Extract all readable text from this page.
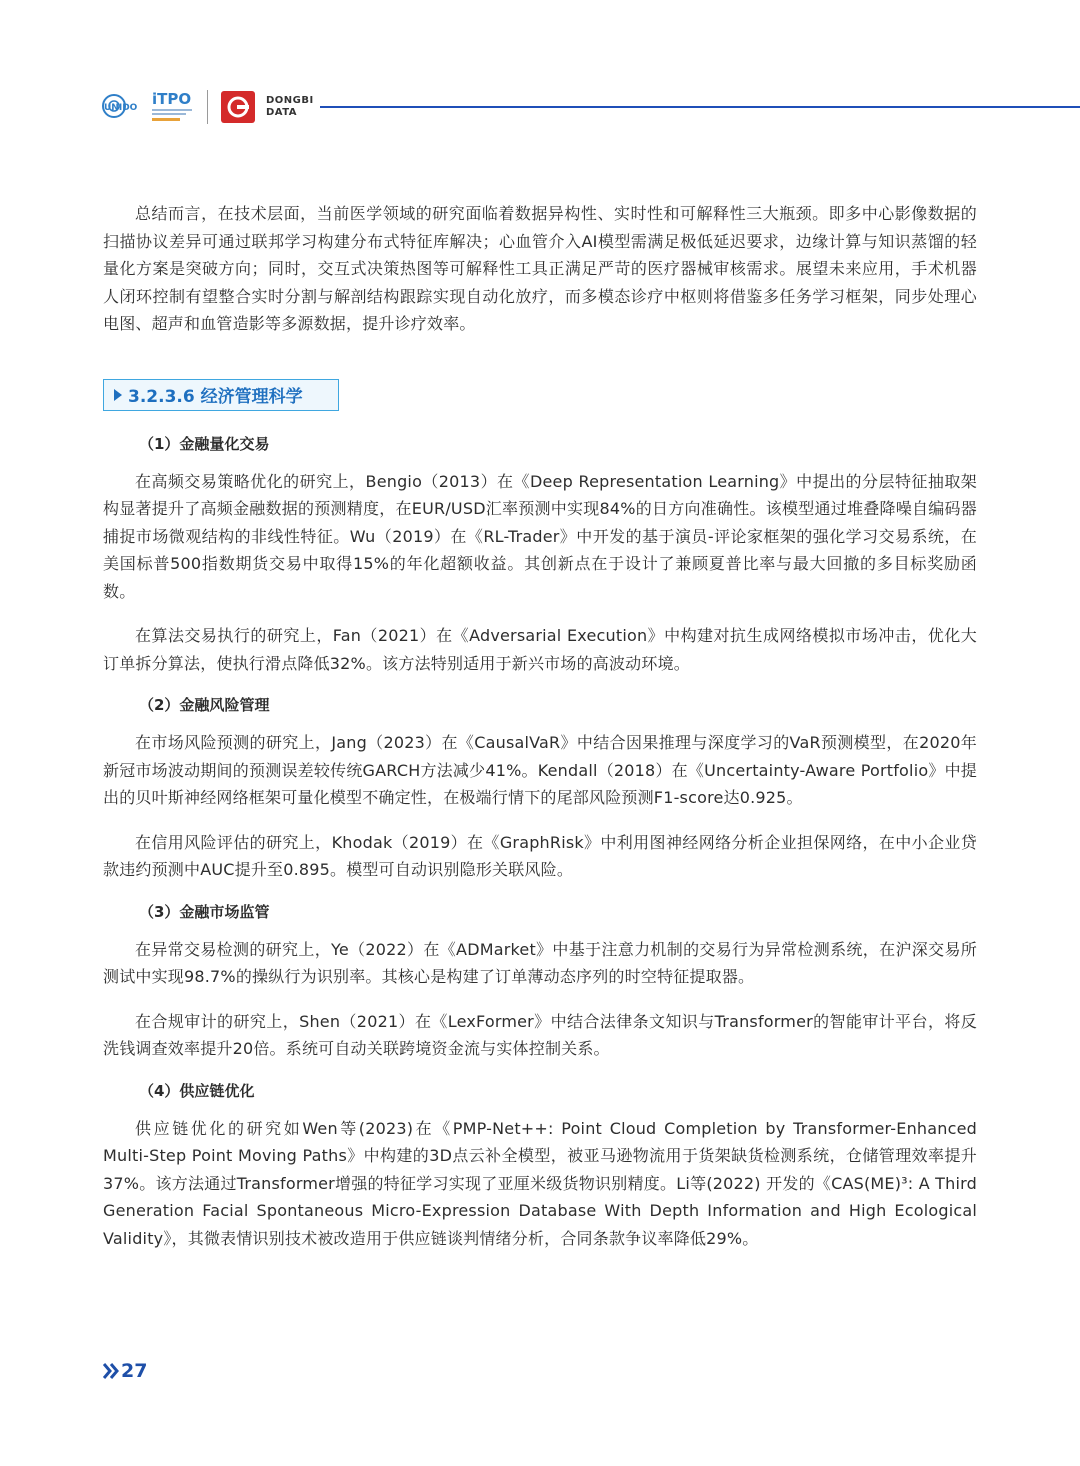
UNIDO iTPO	DONGBI
DATA

总结而言，在技术层面，当前医学领域的研究面临着数据异构性、实时性和可解释性三大瓶颈。即多中心影像数据的扫描协议差异可通过联邦学习构建分布式特征库解决；心血管介入AI模型需满足极低延迟要求，边缘计算与知识蒸馏的轻量化方案是突破方向；同时，交互式决策热图等可解释性工具正满足严苛的医疗器械审核需求。展望未来应用，手术机器人闭环控制有望整合实时分割与解剖结构跟踪实现自动化放疗，而多模态诊疗中枢则将借鉴多任务学习框架，同步处理心电图、超声和血管造影等多源数据，提升诊疗效率。

3.2.3.6 经济管理科学
（1）金融量化交易

在高频交易策略优化的研究上，Bengio（2013）在《Deep Representation Learning》中提出的分层特征抽取架构显著提升了高频金融数据的预测精度，在EUR/USD汇率预测中实现84%的日方向准确性。该模型通过堆叠降噪自编码器捕捉市场微观结构的非线性特征。Wu（2019）在《RL-Trader》中开发的基于演员-评论家框架的强化学习交易系统，在美国标普500指数期货交易中取得15%的年化超额收益。其创新点在于设计了兼顾夏普比率与最大回撤的多目标奖励函数。

在算法交易执行的研究上，Fan（2021）在《Adversarial Execution》中构建对抗生成网络模拟市场冲击，优化大订单拆分算法，使执行滑点降低32%。该方法特别适用于新兴市场的高波动环境。

（2）金融风险管理

在市场风险预测的研究上，Jang（2023）在《CausalVaR》中结合因果推理与深度学习的VaR预测模型，在2020年新冠市场波动期间的预测误差较传统GARCH方法减少41%。Kendall（2018）在《Uncertainty-Aware Portfolio》中提出的贝叶斯神经网络框架可量化模型不确定性，在极端行情下的尾部风险预测F1-score达0.925。

在信用风险评估的研究上，Khodak（2019）在《GraphRisk》中利用图神经网络分析企业担保网络，在中小企业贷款违约预测中AUC提升至0.895。模型可自动识别隐形关联风险。

（3）金融市场监管

在异常交易检测的研究上，Ye（2022）在《ADMarket》中基于注意力机制的交易行为异常检测系统，在沪深交易所测试中实现98.7%的操纵行为识别率。其核心是构建了订单薄动态序列的时空特征提取器。

在合规审计的研究上，Shen（2021）在《LexFormer》中结合法律条文知识与Transformer的智能审计平台，将反洗钱调查效率提升20倍。系统可自动关联跨境资金流与实体控制关系。

（4）供应链优化

供应链优化的研究如Wen等(2023)在《PMP-Net++: Point Cloud Completion by Transformer-Enhanced Multi-Step Point Moving Paths》中构建的3D点云补全模型，被亚马逊物流用于货架缺货检测系统，仓储管理效率提升37%。该方法通过Transformer增强的特征学习实现了亚厘米级货物识别精度。Li等(2022) 开发的《CAS(ME)³: A Third Generation Facial Spontaneous Micro-Expression Database With Depth Information and High Ecological Validity》，其微表情识别技术被改造用于供应链谈判情绪分析，合同条款争议率降低29%。

27
